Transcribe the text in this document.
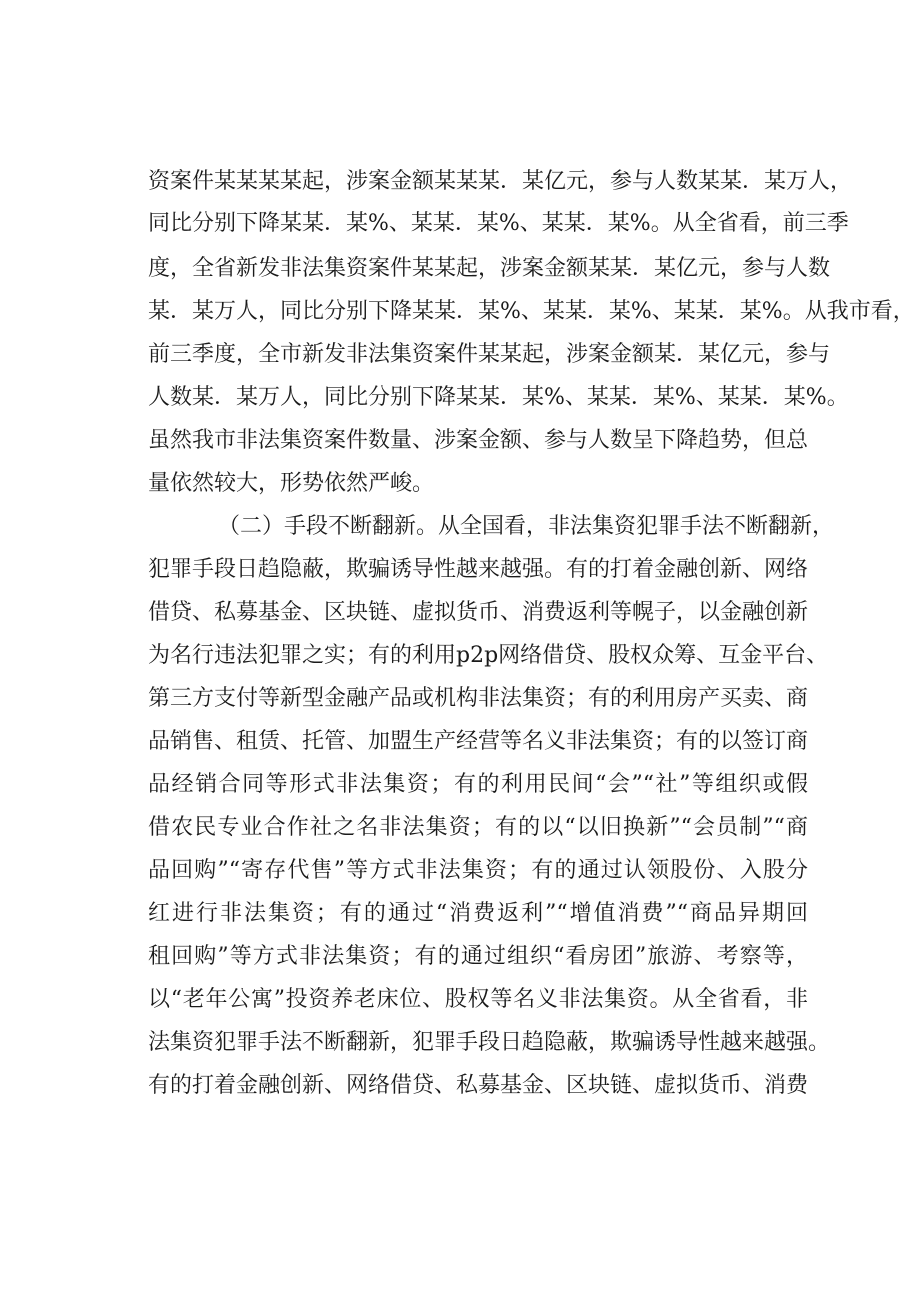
资案件某某某某起，涉案金额某某某．某亿元，参与人数某某．某万人，
同比分别下降某某．某%、某某．某%、某某．某%。从全省看，前三季
度，全省新发非法集资案件某某起，涉案金额某某．某亿元，参与人数
某．某万人，同比分别下降某某．某%、某某．某%、某某．某%。从我市看，
前三季度，全市新发非法集资案件某某起，涉案金额某．某亿元，参与
人数某．某万人，同比分别下降某某．某%、某某．某%、某某．某%。
虽然我市非法集资案件数量、涉案金额、参与人数呈下降趋势，但总
量依然较大，形势依然严峻。
（二）手段不断翻新。从全国看，非法集资犯罪手法不断翻新，
犯罪手段日趋隐蔽，欺骗诱导性越来越强。有的打着金融创新、网络
借贷、私募基金、区块链、虚拟货币、消费返利等幌子，以金融创新
为名行违法犯罪之实；有的利用p2p网络借贷、股权众筹、互金平台、
第三方支付等新型金融产品或机构非法集资；有的利用房产买卖、商
品销售、租赁、托管、加盟生产经营等名义非法集资；有的以签订商
品经销合同等形式非法集资；有的利用民间“会”“社”等组织或假
借农民专业合作社之名非法集资；有的以“以旧换新”“会员制”“商
品回购”“寄存代售”等方式非法集资；有的通过认领股份、入股分
红进行非法集资；有的通过“消费返利”“增值消费”“商品异期回
租回购”等方式非法集资；有的通过组织“看房团”旅游、考察等，
以“老年公寓”投资养老床位、股权等名义非法集资。从全省看，非
法集资犯罪手法不断翻新，犯罪手段日趋隐蔽，欺骗诱导性越来越强。
有的打着金融创新、网络借贷、私募基金、区块链、虚拟货币、消费
